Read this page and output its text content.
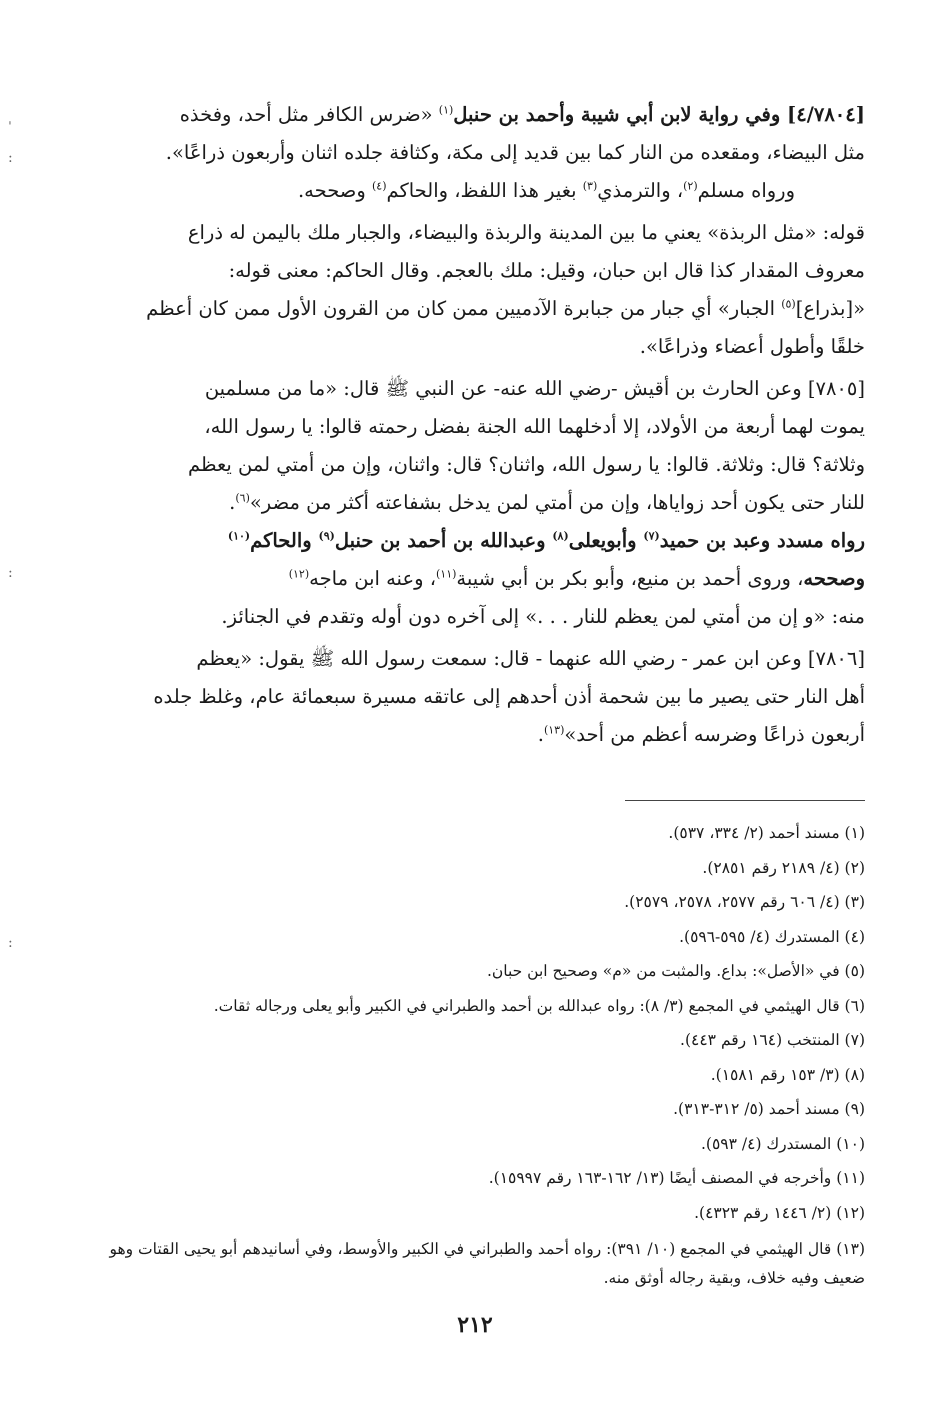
[٤/٧٨٠٤] وفي رواية لابن أبي شيبة وأحمد بن حنبل$^{(١)}$ «ضرس الكافر مثل أحد، وفخذه
مثل البيضاء، ومقعده من النار كما بين قديد إلى مكة، وكثافة جلده اثنان وأربعون ذراعًا».
ورواه مسلم$^{(٢)}$، والترمذي$^{(٣)}$ بغير هذا اللفظ، والحاكم$^{(٤)}$ وصححه.

قوله: «مثل الربذة» يعني ما بين المدينة والربذة والبيضاء، والجبار ملك باليمن له ذراع
معروف المقدار كذا قال ابن حبان، وقيل: ملك بالعجم. وقال الحاكم: معنى قوله:
«[بذراع]$^{(٥)}$ الجبار» أي جبار من جبابرة الآدميين ممن كان من القرون الأول ممن كان أعظم
خلقًا وأطول أعضاء وذراعًا».

[٧٨٠٥] وعن الحارث بن أقيش -رضي الله عنه- عن النبي ﷺ قال: «ما من مسلمين
يموت لهما أربعة من الأولاد، إلا أدخلهما الله الجنة بفضل رحمته قالوا: يا رسول الله،
وثلاثة؟ قال: وثلاثة. قالوا: يا رسول الله، واثنان؟ قال: واثنان، وإن من أمتي لمن يعظم
للنار حتى يكون أحد زواياها، وإن من أمتي لمن يدخل بشفاعته أكثر من مضر»$^{(٦)}$.
رواه مسدد وعبد بن حميد$^{(٧)}$ وأبويعلى$^{(٨)}$ وعبدالله بن أحمد بن حنبل$^{(٩)}$ والحاكم$^{(١٠)}$
وصححه، وروى أحمد بن منيع، وأبو بكر بن أبي شيبة$^{(١١)}$، وعنه ابن ماجه$^{(١٢)}$
منه: «و إن من أمتي لمن يعظم للنار . . .» إلى آخره دون أوله وتقدم في الجنائز.

[٧٨٠٦] وعن ابن عمر - رضي الله عنهما - قال: سمعت رسول الله ﷺ يقول: «يعظم
أهل النار حتى يصير ما بين شحمة أذن أحدهم إلى عاتقه مسيرة سبعمائة عام، وغلظ جلده
أربعون ذراعًا وضرسه أعظم من أحد»$^{(١٣)}$.

(١) مسند أحمد (٢/ ٣٣٤، ٥٣٧).
(٢) (٤/ ٢١٨٩ رقم ٢٨٥١).
(٣) (٤/ ٦٠٦ رقم ٢٥٧٧، ٢٥٧٨، ٢٥٧٩).
(٤) المستدرك (٤/ ٥٩٥-٥٩٦).
(٥) في «الأصل»: بداع. والمثبت من «م» وصحيح ابن حبان.
(٦) قال الهيثمي في المجمع (٣/ ٨): رواه عبدالله بن أحمد والطبراني في الكبير وأبو يعلى ورجاله ثقات.
(٧) المنتخب (١٦٤ رقم ٤٤٣).
(٨) (٣/ ١٥٣ رقم ١٥٨١).
(٩) مسند أحمد (٥/ ٣١٢-٣١٣).
(١٠) المستدرك (٤/ ٥٩٣).
(١١) وأخرجه في المصنف أيضًا (١٣/ ١٦٢-١٦٣ رقم ١٥٩٩٧).
(١٢) (٢/ ١٤٤٦ رقم ٤٣٢٣).
(١٣) قال الهيثمي في المجمع (١٠/ ٣٩١): رواه أحمد والطبراني في الكبير والأوسط، وفي أسانيدهم أبو يحيى القتات وهو ضعيف وفيه خلاف، وبقية رجاله أوثق منه.
٢١٢
ˈ
:
:
:
